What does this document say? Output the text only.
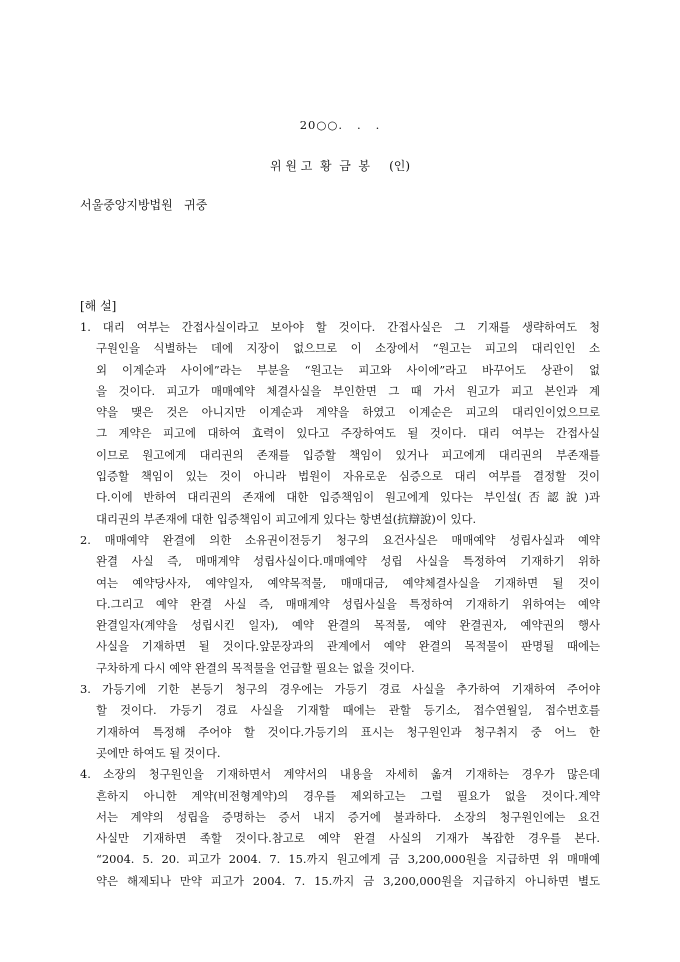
20○○.   .   .
위 원 고  황  금  봉     (인)
서울중앙지방법원   귀중
[해 설]
1. 대리 여부는 간접사실이라고 보아야 할 것이다. 간접사실은 그 기재를 생략하여도 청
구원인을 식별하는 데에 지장이 없으므로 이 소장에서 “원고는 피고의 대리인인 소
외 이계순과 사이에”라는 부분을 “원고는 피고와 사이에”라고 바꾸어도 상관이 없
을 것이다. 피고가 매매예약 체결사실을 부인한면 그 때 가서 원고가 피고 본인과 계
약을 맺은 것은 아니지만 이계순과 계약을 하였고 이계순은 피고의 대리인이었으므로
그 계약은 피고에 대하여 효력이 있다고 주장하여도 될 것이다. 대리 여부는 간접사실
이므로 원고에게 대리권의 존재를 입증할 책임이 있거나 피고에게 대리권의 부존재를
입증할 책임이 있는 것이 아니라 법원이 자유로운 심증으로 대리 여부를 결정할 것이
다.이에 반하여 대리권의 존재에 대한 입증책임이 원고에게 있다는 부인설(否認說)과
대리권의 부존재에 대한 입증책임이 피고에게 있다는 항변설(抗辯說)이 있다.
2. 매매예약 완결에 의한 소유권이전등기 청구의 요건사실은 매매예약 성립사실과 예약
완결 사실 즉, 매매계약 성립사실이다.매매예약 성립 사실을 특정하여 기재하기 위하
여는 예약당사자, 예약일자, 예약목적물, 매매대금, 예약체결사실을 기재하면 될 것이
다.그리고 예약 완결 사실 즉, 매매계약 성립사실을 특정하여 기재하기 위하여는 예약
완결일자(계약을 성립시킨 일자), 예약 완결의 목적물, 예약 완결권자, 예약권의 행사
사실을 기재하면 될 것이다.앞문장과의 관계에서 예약 완결의 목적물이 판명될 때에는
구차하게 다시 예약 완결의 목적물을 언급할 필요는 없을 것이다.
3. 가등기에 기한 본등기 청구의 경우에는 가등기 경료 사실을 추가하여 기재하여 주어야
할 것이다. 가등기 경료 사실을 기재할 때에는 관할 등기소, 접수연월일, 접수번호를
기재하여 특정해 주어야 할 것이다.가등기의 표시는 청구원인과 청구취지 중 어느 한
곳에만 하여도 될 것이다.
4. 소장의 청구원인을 기재하면서 계약서의 내용을 자세히 옮겨 기재하는 경우가 많은데
흔하지 아니한 계약(비전형계약)의 경우를 제외하고는 그럴 필요가 없을 것이다.계약
서는 계약의 성립을 증명하는 증서 내지 증거에 불과하다. 소장의 청구원인에는 요건
사실만 기재하면 족할 것이다.참고로 예약 완결 사실의 기재가 복잡한 경우를 본다.
“2004. 5. 20. 피고가 2004. 7. 15.까지 원고에게 금 3,200,000원을 지급하면 위 매매예
약은 해제되나 만약 피고가 2004. 7. 15.까지 금 3,200,000원을 지급하지 아니하면 별도
